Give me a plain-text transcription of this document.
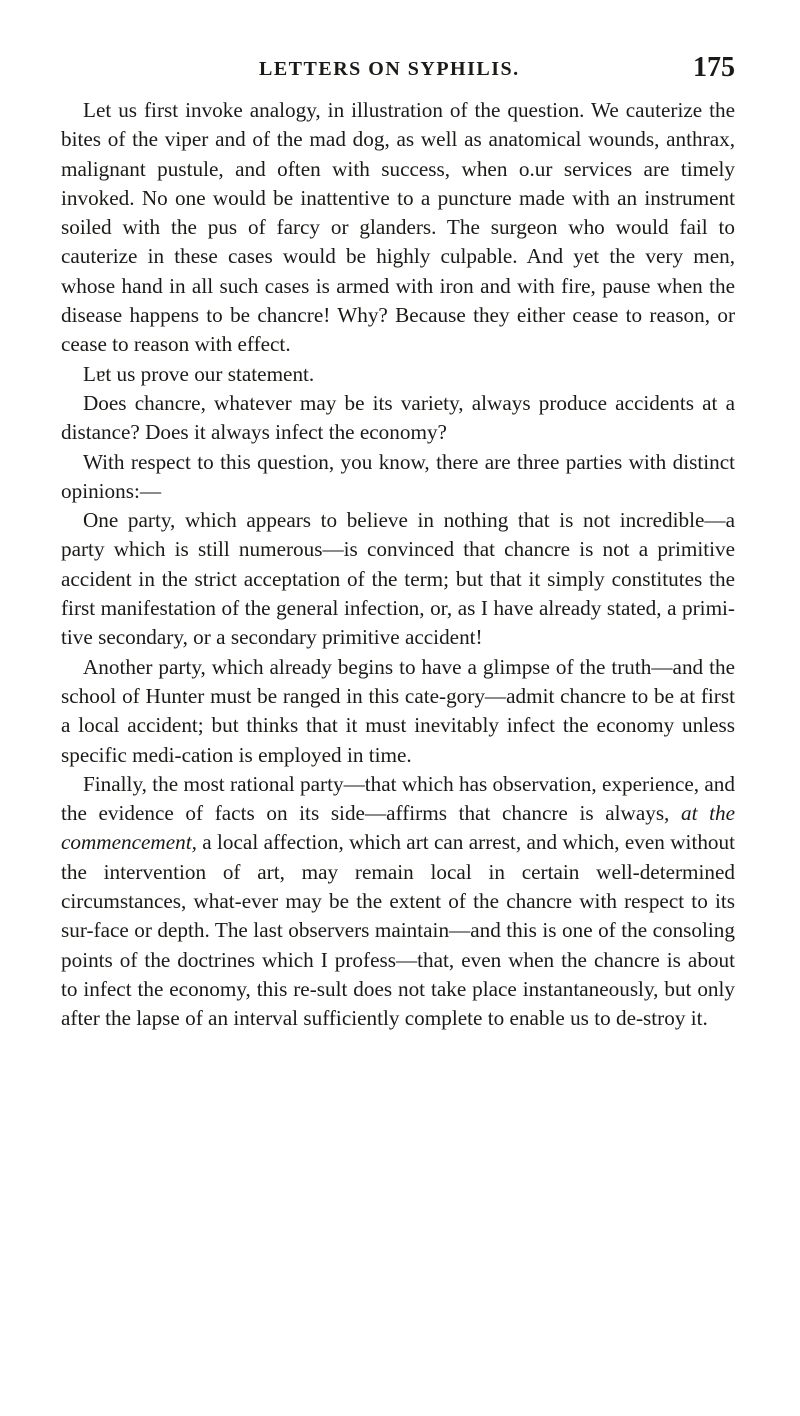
LETTERS ON SYPHILIS.	175

Let us first invoke analogy, in illustration of the question. We cauterize the bites of the viper and of the mad dog, as well as anatomical wounds, anthrax, malignant pustule, and often with success, when o.ur services are timely invoked. No one would be inattentive to a puncture made with an instrument soiled with the pus of farcy or glanders. The surgeon who would fail to cauterize in these cases would be highly culpable. And yet the very men, whose hand in all such cases is armed with iron and with fire, pause when the disease happens to be chancre! Why? Because they either cease to reason, or cease to reason with effect.

Lɐt us prove our statement.

Does chancre, whatever may be its variety, always produce accidents at a distance? Does it always infect the economy?

With respect to this question, you know, there are three parties with distinct opinions:—

One party, which appears to believe in nothing that is not incredible—a party which is still numerous—is convinced that chancre is not a primitive accident in the strict acceptation of the term; but that it simply constitutes the first manifestation of the general infection, or, as I have already stated, a primi-tive secondary, or a secondary primitive accident!

Another party, which already begins to have a glimpse of the truth—and the school of Hunter must be ranged in this cate-gory—admit chancre to be at first a local accident; but thinks that it must inevitably infect the economy unless specific medi-cation is employed in time.

Finally, the most rational party—that which has observation, experience, and the evidence of facts on its side—affirms that chancre is always, at the commencement, a local affection, which art can arrest, and which, even without the intervention of art, may remain local in certain well-determined circumstances, what-ever may be the extent of the chancre with respect to its sur-face or depth. The last observers maintain—and this is one of the consoling points of the doctrines which I profess—that, even when the chancre is about to infect the economy, this re-sult does not take place instantaneously, but only after the lapse of an interval sufficiently complete to enable us to de-stroy it.
